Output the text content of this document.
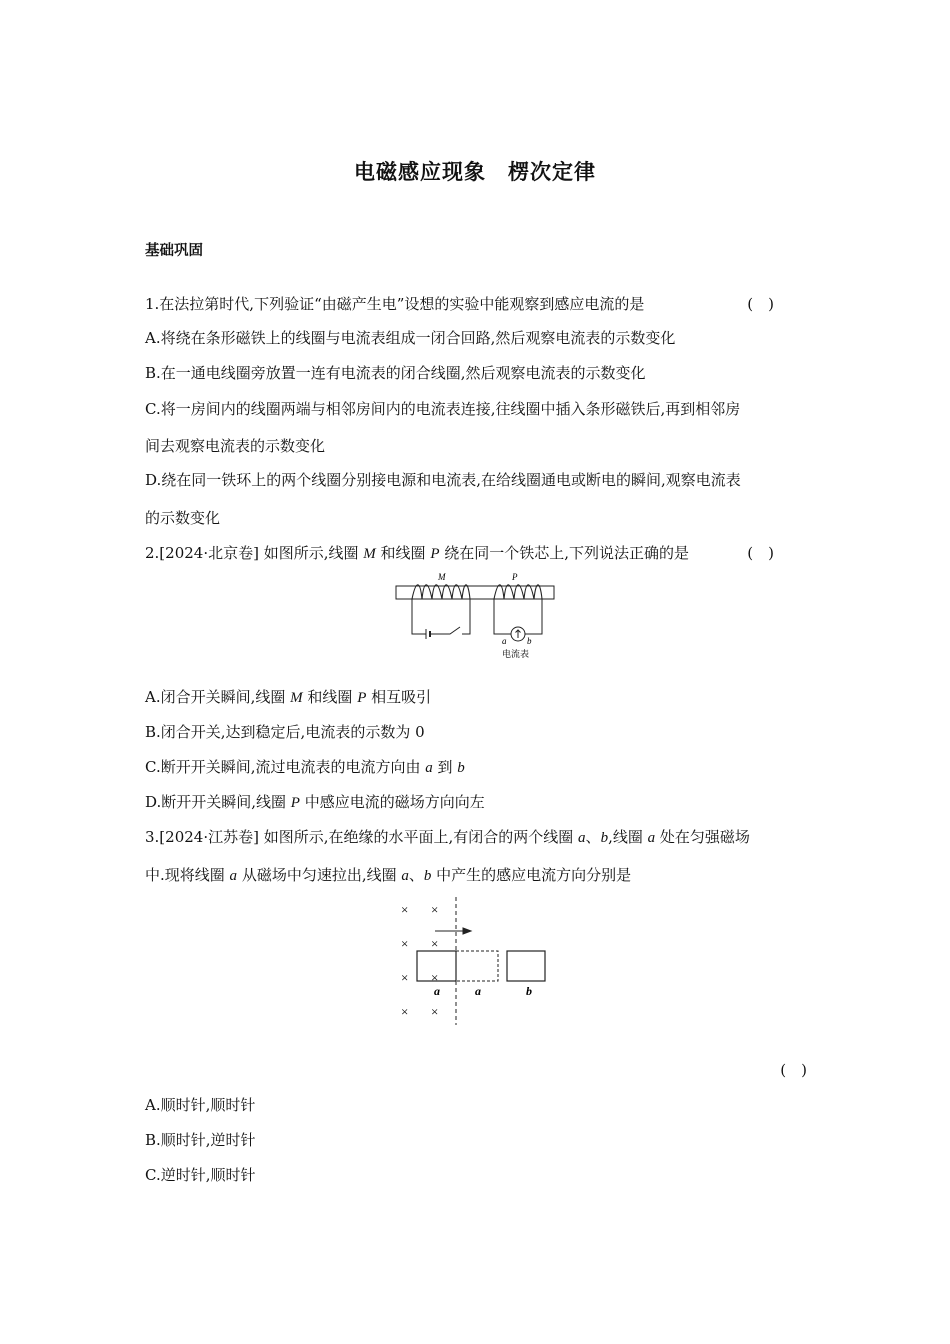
电磁感应现象　楞次定律
基础巩固
1.在法拉第时代,下列验证“由磁产生电”设想的实验中能观察到感应电流的是	(　)
A.将绕在条形磁铁上的线圈与电流表组成一闭合回路,然后观察电流表的示数变化
B.在一通电线圈旁放置一连有电流表的闭合线圈,然后观察电流表的示数变化
C.将一房间内的线圈两端与相邻房间内的电流表连接,往线圈中插入条形磁铁后,再到相邻房
间去观察电流表的示数变化
D.绕在同一铁环上的两个线圈分别接电源和电流表,在给线圈通电或断电的瞬间,观察电流表
的示数变化
2.[2024·北京卷] 如图所示,线圈 M 和线圈 P 绕在同一个铁芯上,下列说法正确的是	(　)
M	P
a b
电流表
A.闭合开关瞬间,线圈 M 和线圈 P 相互吸引
B.闭合开关,达到稳定后,电流表的示数为 0
C.断开开关瞬间,流过电流表的电流方向由 a 到 b
D.断开开关瞬间,线圈 P 中感应电流的磁场方向向左
3.[2024·江苏卷] 如图所示,在绝缘的水平面上,有闭合的两个线圈 a、b,线圈 a 处在匀强磁场
中.现将线圈 a 从磁场中匀速拉出,线圈 a、b 中产生的感应电流方向分别是
× ×
× ×
× ×
× ×
a	a	b
(　)
A.顺时针,顺时针
B.顺时针,逆时针
C.逆时针,顺时针
